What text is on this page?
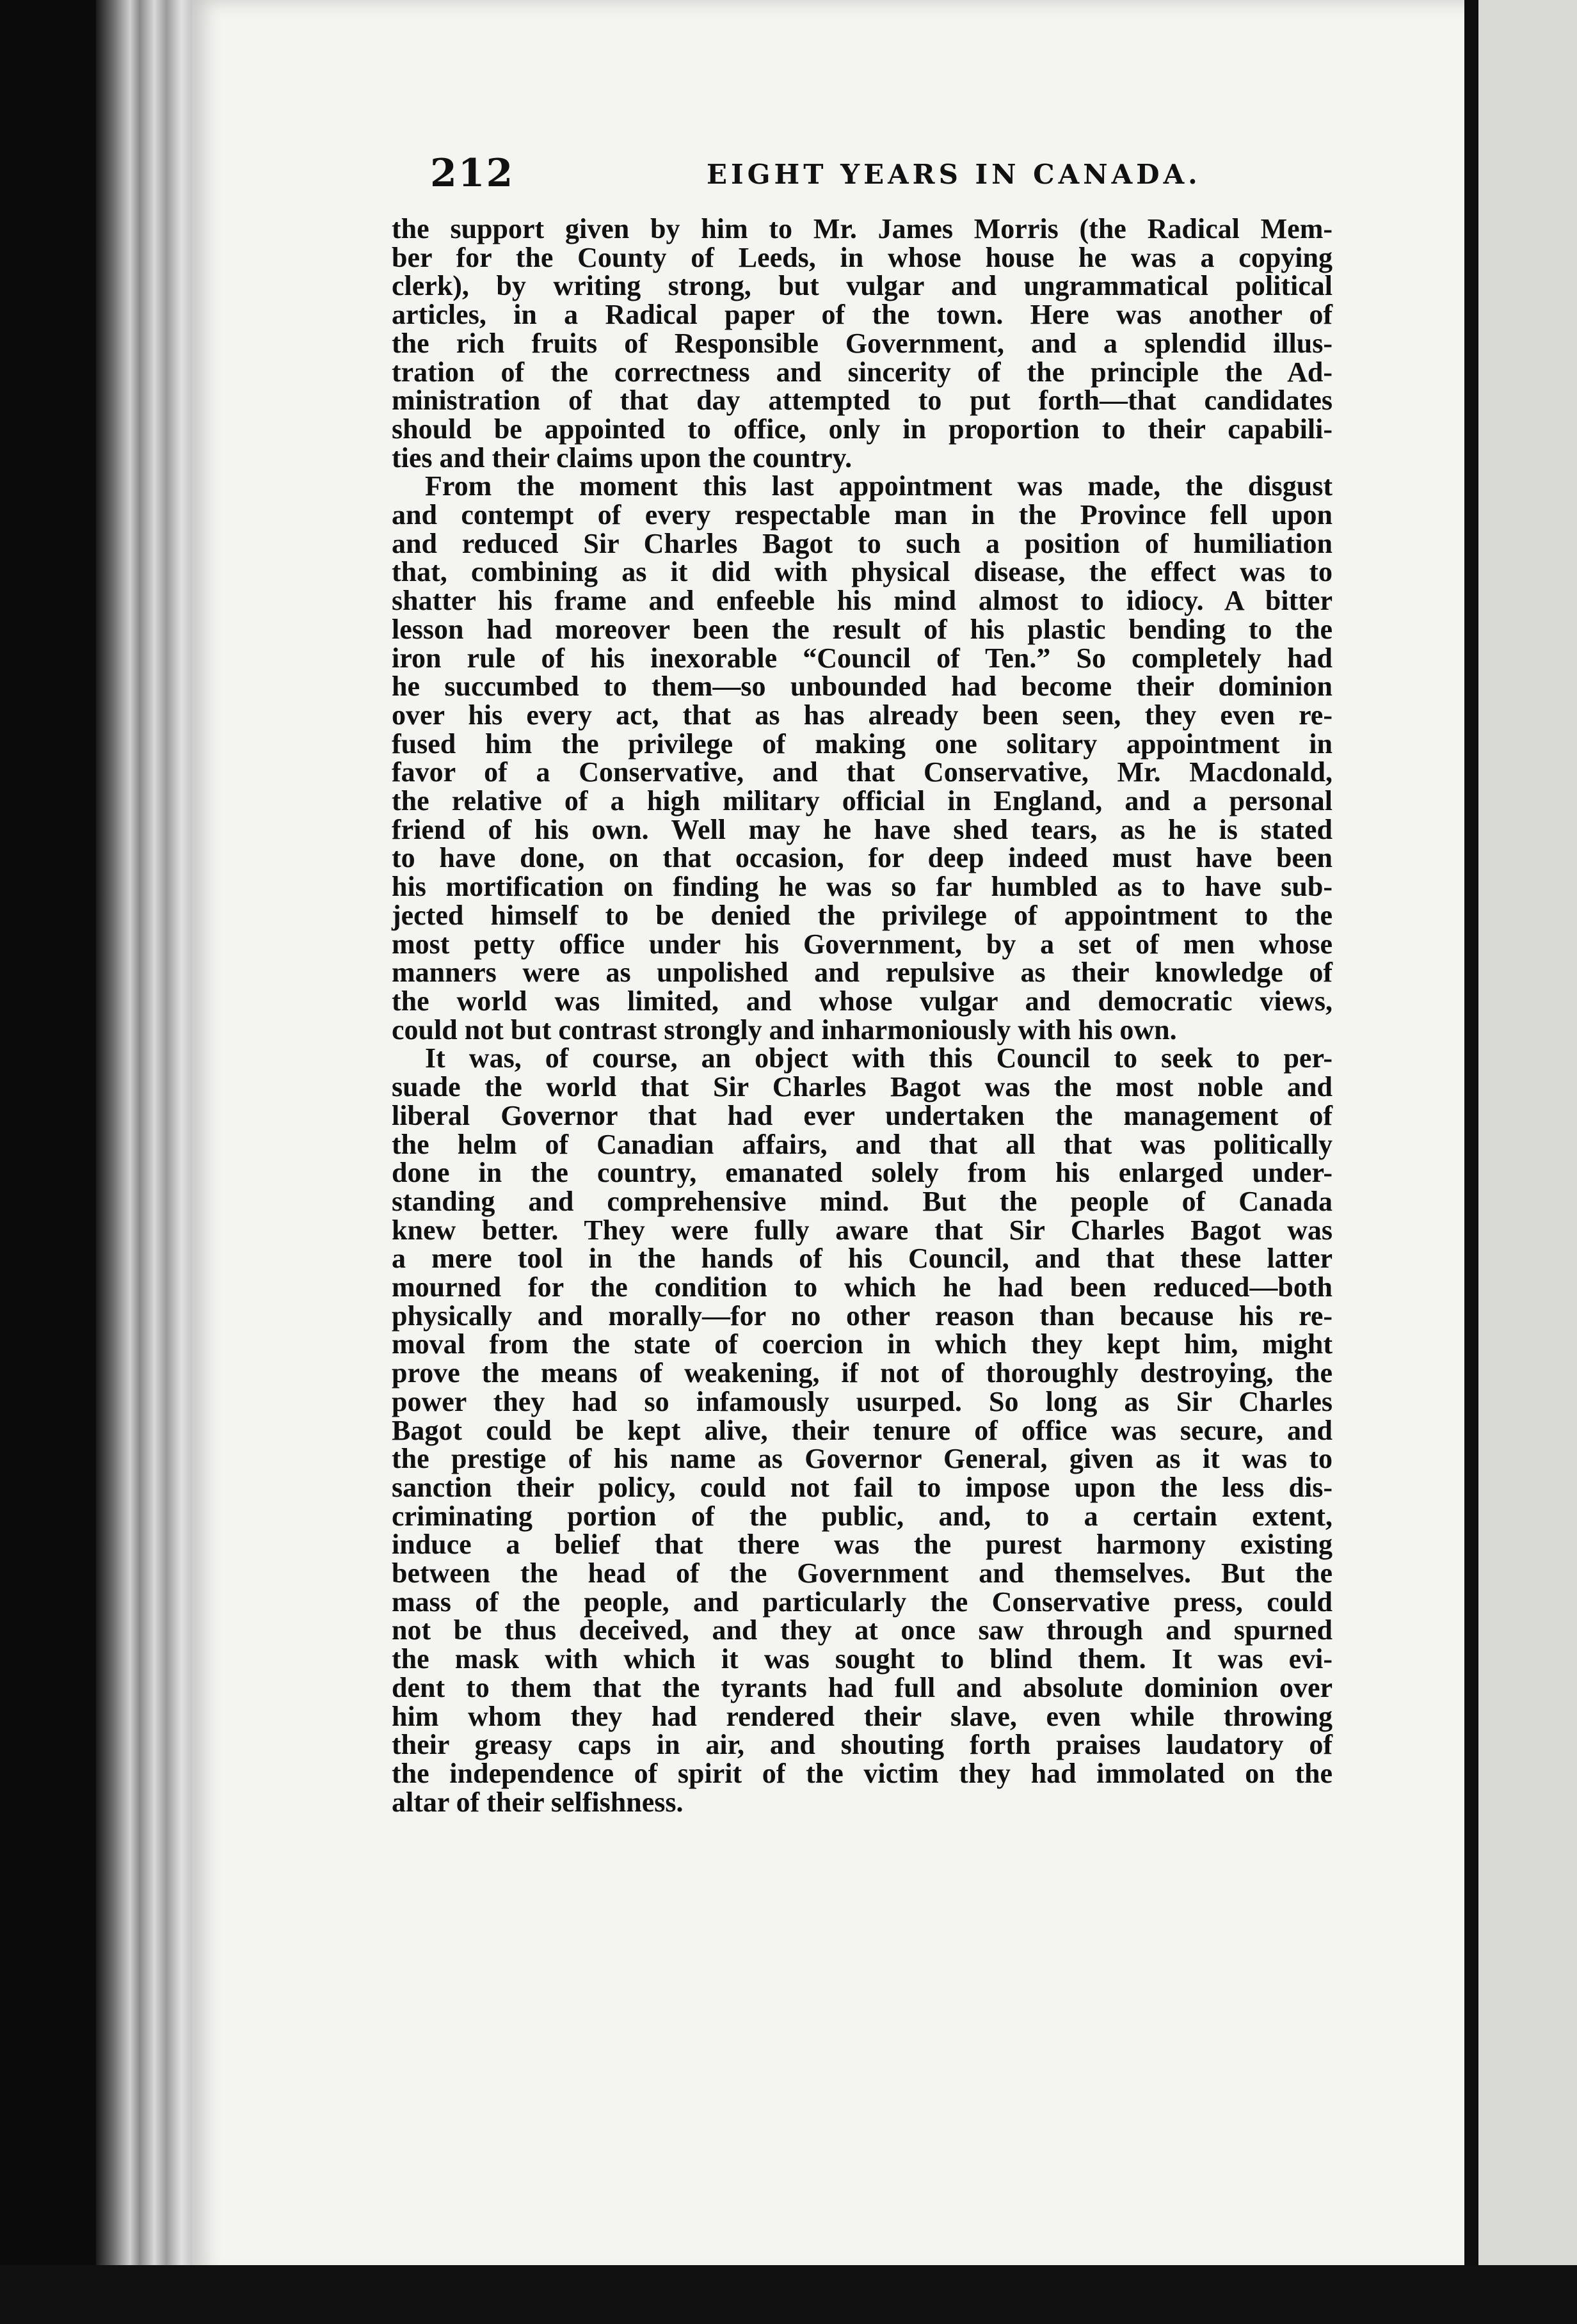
212	EIGHT YEARS IN CANADA.
the support given by him to Mr. James Morris (the Radical Mem-
ber for the County of Leeds, in whose house he was a copying
clerk), by writing strong, but vulgar and ungrammatical political
articles, in a Radical paper of the town. Here was another of
the rich fruits of Responsible Government, and a splendid illus-
tration of the correctness and sincerity of the principle the Ad-
ministration of that day attempted to put forth—that candidates
should be appointed to office, only in proportion to their capabili-
ties and their claims upon the country.
From the moment this last appointment was made, the disgust
and contempt of every respectable man in the Province fell upon
and reduced Sir Charles Bagot to such a position of humiliation
that, combining as it did with physical disease, the effect was to
shatter his frame and enfeeble his mind almost to idiocy. A bitter
lesson had moreover been the result of his plastic bending to the
iron rule of his inexorable “Council of Ten.” So completely had
he succumbed to them—so unbounded had become their dominion
over his every act, that as has already been seen, they even re-
fused him the privilege of making one solitary appointment in
favor of a Conservative, and that Conservative, Mr. Macdonald,
the relative of a high military official in England, and a personal
friend of his own. Well may he have shed tears, as he is stated
to have done, on that occasion, for deep indeed must have been
his mortification on finding he was so far humbled as to have sub-
jected himself to be denied the privilege of appointment to the
most petty office under his Government, by a set of men whose
manners were as unpolished and repulsive as their knowledge of
the world was limited, and whose vulgar and democratic views,
could not but contrast strongly and inharmoniously with his own.
It was, of course, an object with this Council to seek to per-
suade the world that Sir Charles Bagot was the most noble and
liberal Governor that had ever undertaken the management of
the helm of Canadian affairs, and that all that was politically
done in the country, emanated solely from his enlarged under-
standing and comprehensive mind. But the people of Canada
knew better. They were fully aware that Sir Charles Bagot was
a mere tool in the hands of his Council, and that these latter
mourned for the condition to which he had been reduced—both
physically and morally—for no other reason than because his re-
moval from the state of coercion in which they kept him, might
prove the means of weakening, if not of thoroughly destroying, the
power they had so infamously usurped. So long as Sir Charles
Bagot could be kept alive, their tenure of office was secure, and
the prestige of his name as Governor General, given as it was to
sanction their policy, could not fail to impose upon the less dis-
criminating portion of the public, and, to a certain extent,
induce a belief that there was the purest harmony existing
between the head of the Government and themselves. But the
mass of the people, and particularly the Conservative press, could
not be thus deceived, and they at once saw through and spurned
the mask with which it was sought to blind them. It was evi-
dent to them that the tyrants had full and absolute dominion over
him whom they had rendered their slave, even while throwing
their greasy caps in air, and shouting forth praises laudatory of
the independence of spirit of the victim they had immolated on the
altar of their selfishness.
